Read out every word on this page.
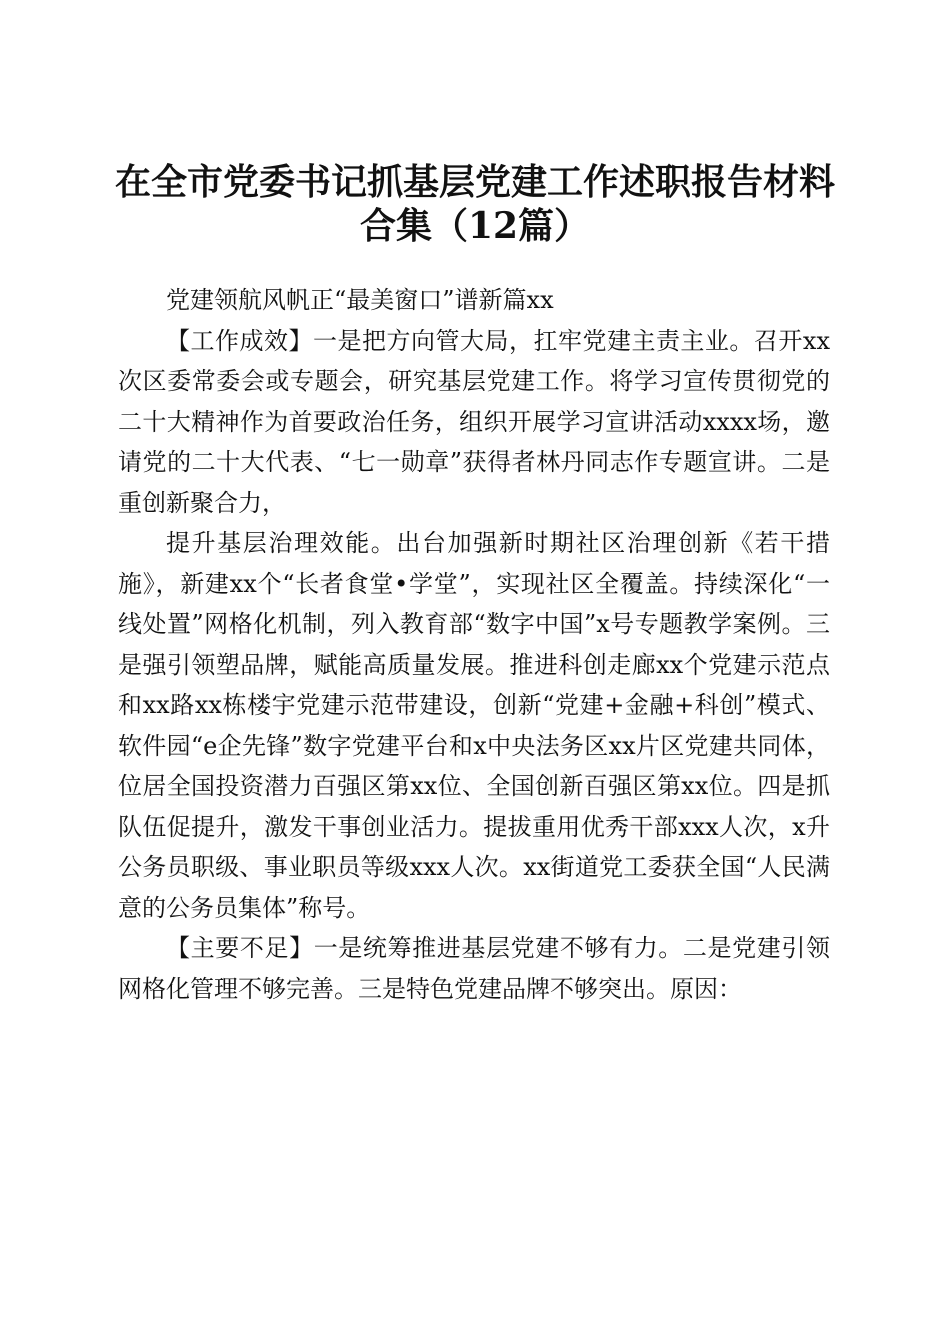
在全市党委书记抓基层党建工作述职报告材料
合集（12篇）

党建领航风帆正“最美窗口”谱新篇xx

【工作成效】一是把方向管大局，扛牢党建主责主业。召开xx次区委常委会或专题会，研究基层党建工作。将学习宣传贯彻党的二十大精神作为首要政治任务，组织开展学习宣讲活动xxxx场，邀请党的二十大代表、“七一勋章”获得者林丹同志作专题宣讲。二是重创新聚合力，

提升基层治理效能。出台加强新时期社区治理创新《若干措施》，新建xx个“长者食堂•学堂”，实现社区全覆盖。持续深化“一线处置”网格化机制，列入教育部“数字中国”x号专题教学案例。三是强引领塑品牌，赋能高质量发展。推进科创走廊xx个党建示范点和xx路xx栋楼宇党建示范带建设，创新“党建+金融+科创”模式、软件园“e企先锋”数字党建平台和x中央法务区xx片区党建共同体，位居全国投资潜力百强区第xx位、全国创新百强区第xx位。四是抓队伍促提升，激发干事创业活力。提拔重用优秀干部xxx人次，x升公务员职级、事业职员等级xxx人次。xx街道党工委获全国“人民满意的公务员集体”称号。

【主要不足】一是统筹推进基层党建不够有力。二是党建引领网格化管理不够完善。三是特色党建品牌不够突出。原因：
